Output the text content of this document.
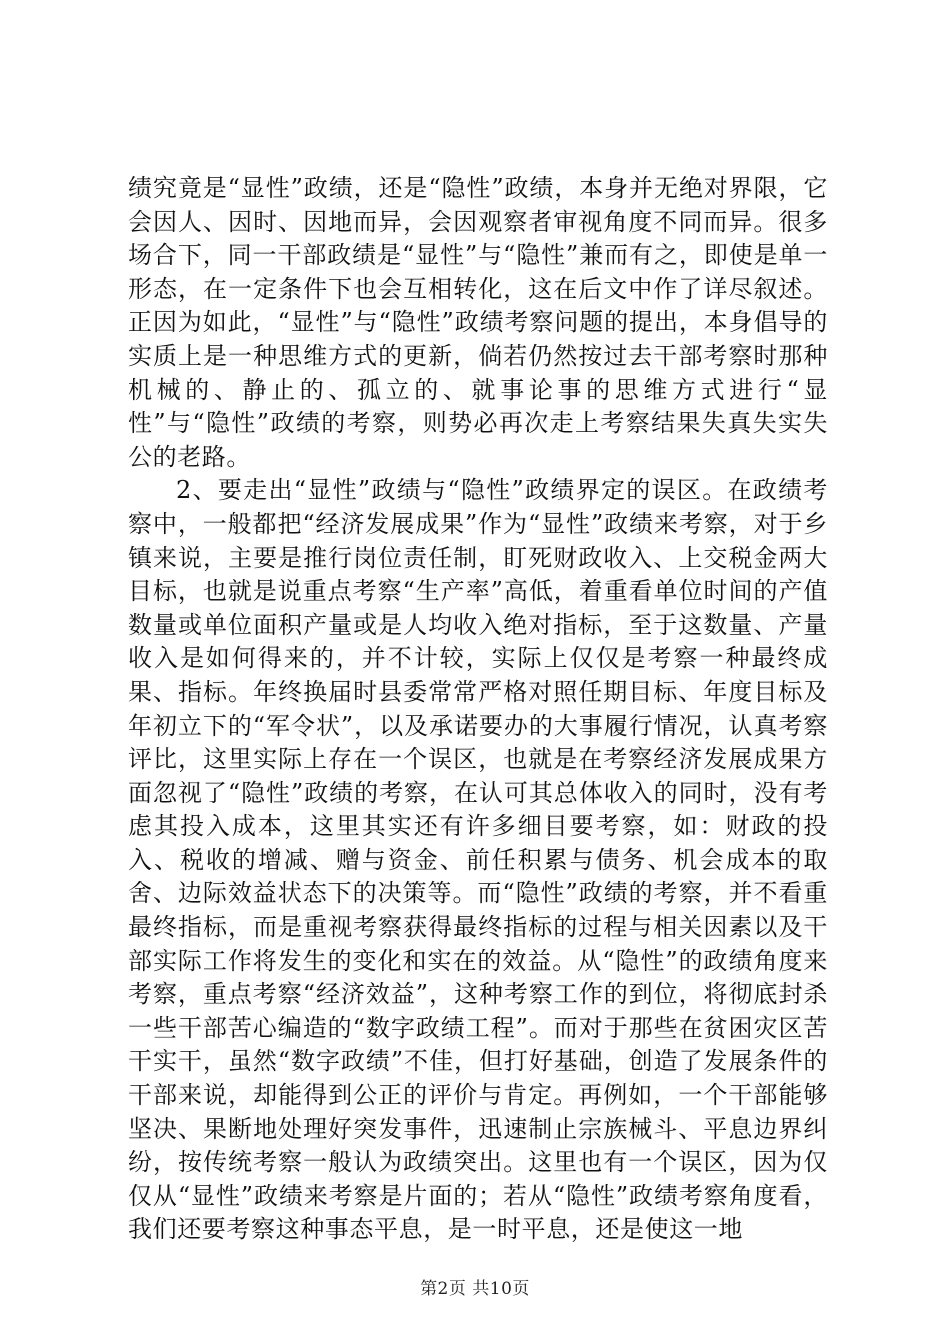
绩究竟是“显性”政绩，还是“隐性”政绩，本身并无绝对界限，它会因人、因时、因地而异，会因观察者审视角度不同而异。很多场合下，同一干部政绩是“显性”与“隐性”兼而有之，即使是单一形态，在一定条件下也会互相转化，这在后文中作了详尽叙述。正因为如此，“显性”与“隐性”政绩考察问题的提出，本身倡导的实质上是一种思维方式的更新，倘若仍然按过去干部考察时那种机械的、静止的、孤立的、就事论事的思维方式进行“显性”与“隐性”政绩的考察，则势必再次走上考察结果失真失实失公的老路。

2、要走出“显性”政绩与“隐性”政绩界定的误区。在政绩考察中，一般都把“经济发展成果”作为“显性”政绩来考察，对于乡镇来说，主要是推行岗位责任制，盯死财政收入、上交税金两大目标，也就是说重点考察“生产率”高低，着重看单位时间的产值数量或单位面积产量或是人均收入绝对指标，至于这数量、产量收入是如何得来的，并不计较，实际上仅仅是考察一种最终成果、指标。年终换届时县委常常严格对照任期目标、年度目标及年初立下的“军令状”，以及承诺要办的大事履行情况，认真考察评比，这里实际上存在一个误区，也就是在考察经济发展成果方面忽视了“隐性”政绩的考察，在认可其总体收入的同时，没有考虑其投入成本，这里其实还有许多细目要考察，如：财政的投入、税收的增减、赠与资金、前任积累与债务、机会成本的取舍、边际效益状态下的决策等。而“隐性”政绩的考察，并不看重最终指标，而是重视考察获得最终指标的过程与相关因素以及干部实际工作将发生的变化和实在的效益。从“隐性”的政绩角度来考察，重点考察“经济效益”，这种考察工作的到位，将彻底封杀一些干部苦心编造的“数字政绩工程”。而对于那些在贫困灾区苦干实干，虽然“数字政绩”不佳，但打好基础，创造了发展条件的干部来说，却能得到公正的评价与肯定。再例如，一个干部能够坚决、果断地处理好突发事件，迅速制止宗族械斗、平息边界纠纷，按传统考察一般认为政绩突出。这里也有一个误区，因为仅仅从“显性”政绩来考察是片面的；若从“隐性”政绩考察角度看，我们还要考察这种事态平息，是一时平息，还是使这一地

第2页 共10页
